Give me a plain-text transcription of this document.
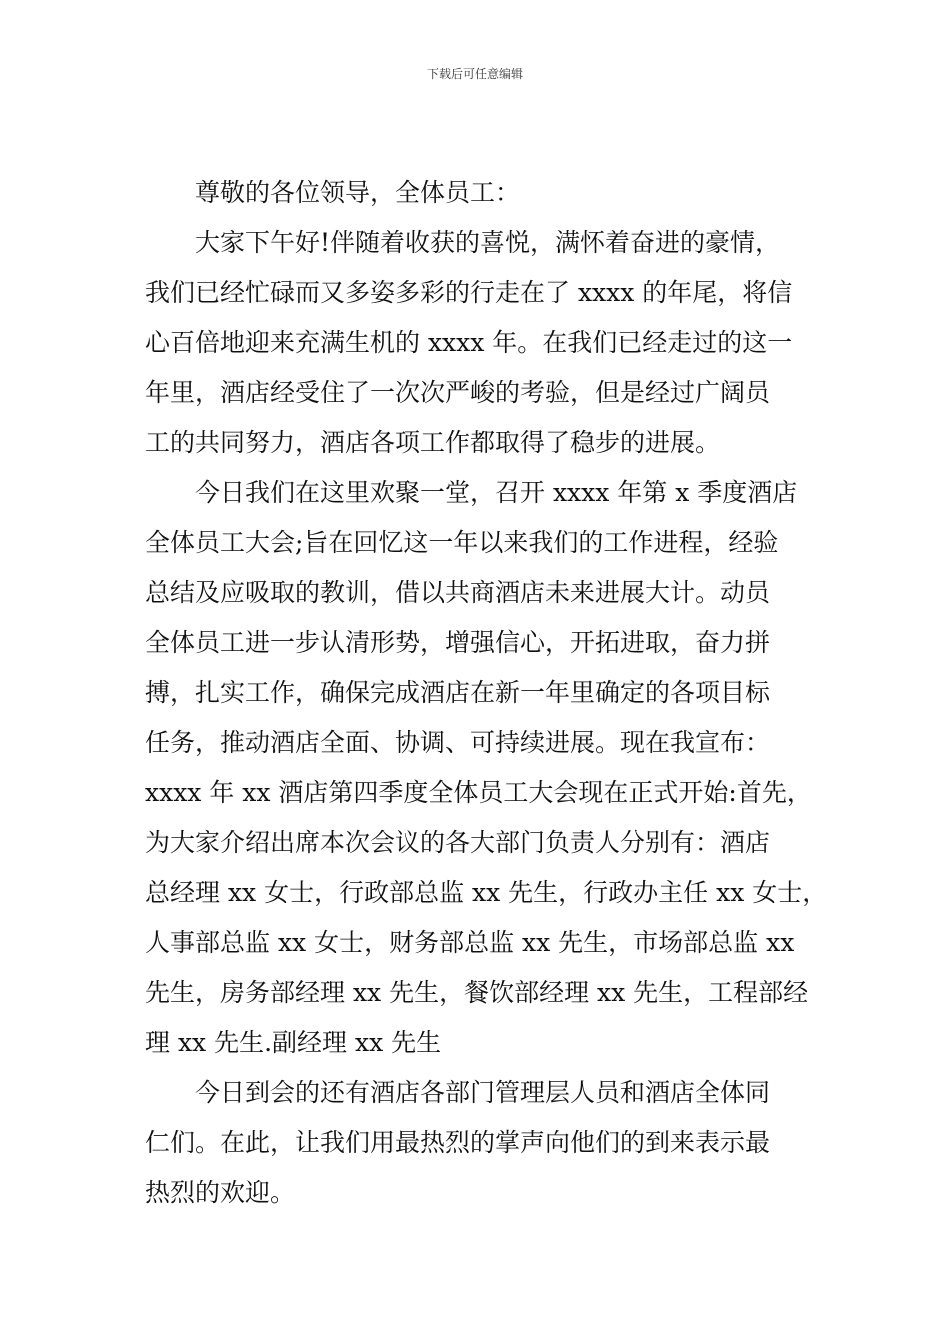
下载后可任意编辑
尊敬的各位领导，全体员工：
大家下午好!伴随着收获的喜悦，满怀着奋进的豪情，
我们已经忙碌而又多姿多彩的行走在了 xxxx 的年尾，将信
心百倍地迎来充满生机的 xxxx 年。在我们已经走过的这一
年里，酒店经受住了一次次严峻的考验，但是经过广阔员
工的共同努力，酒店各项工作都取得了稳步的进展。
今日我们在这里欢聚一堂，召开 xxxx 年第 x 季度酒店
全体员工大会;旨在回忆这一年以来我们的工作进程，经验
总结及应吸取的教训，借以共商酒店未来进展大计。动员
全体员工进一步认清形势，增强信心，开拓进取，奋力拼
搏，扎实工作，确保完成酒店在新一年里确定的各项目标
任务，推动酒店全面、协调、可持续进展。现在我宣布：
xxxx 年 xx 酒店第四季度全体员工大会现在正式开始:首先，
为大家介绍出席本次会议的各大部门负责人分别有：酒店
总经理 xx 女士，行政部总监 xx 先生，行政办主任 xx 女士，
人事部总监 xx 女士，财务部总监 xx 先生，市场部总监 xx
先生，房务部经理 xx 先生，餐饮部经理 xx 先生，工程部经
理 xx 先生.副经理 xx 先生
今日到会的还有酒店各部门管理层人员和酒店全体同
仁们。在此，让我们用最热烈的掌声向他们的到来表示最
热烈的欢迎。
